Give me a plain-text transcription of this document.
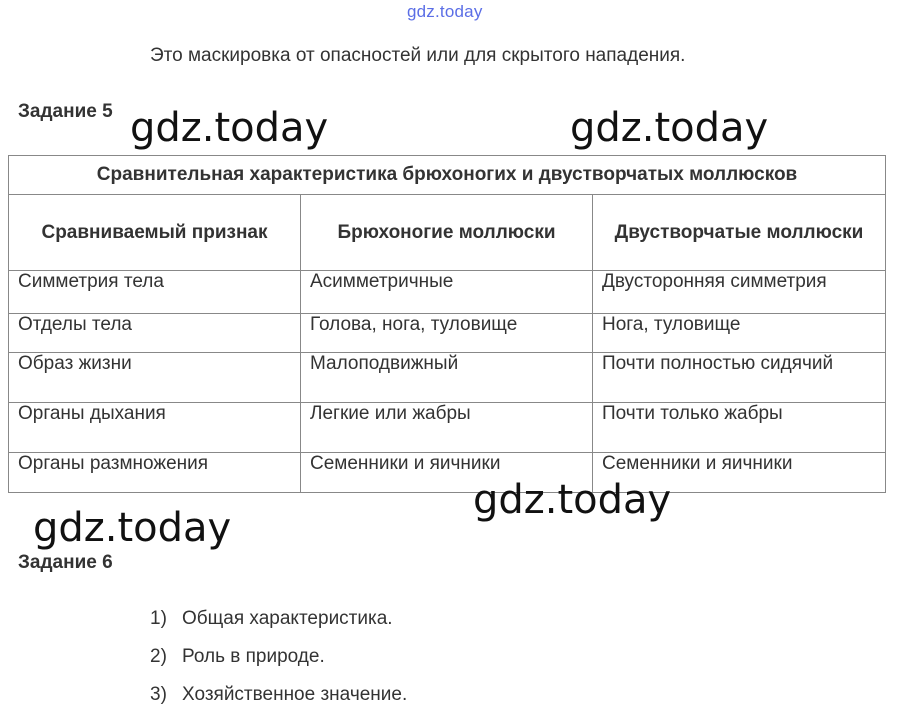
gdz.today
Это маскировка от опасностей или для скрытого нападения.
Задание 5
Сравнительная характеристика брюхоногих и двустворчатых моллюсков		
Сравниваемый признак	Брюхоногие моллюски	Двустворчатые моллюски
Симметрия тела	Асимметричные	Двусторонняя симметрия
Отделы тела	Голова, нога, туловище	Нога, туловище
Образ жизни	Малоподвижный	Почти полностью сидячий
Органы дыхания	Легкие или жабры	Почти только жабры
Органы размножения	Семенники и яичники	Семенники и яичники
Задание 6
1) Общая характеристика.
2) Роль в природе.
3) Хозяйственное значение.
gdz.today	gdz.today
gdz.today
gdz.today
